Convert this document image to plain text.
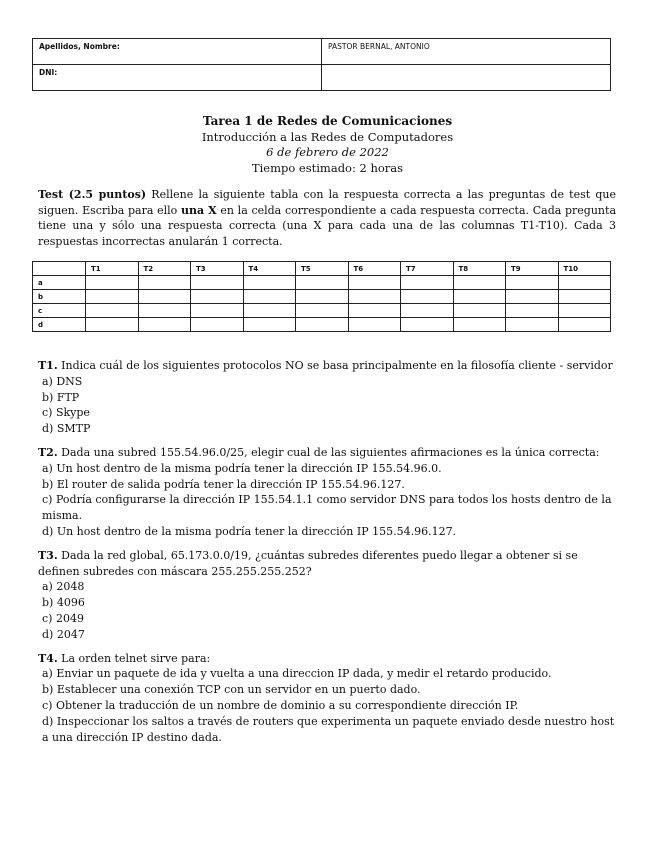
Apellidos, Nombre:	PASTOR BERNAL, ANTONIO
DNI:	
Tarea 1 de Redes de Comunicaciones
Introducción a las Redes de Computadores
6 de febrero de 2022
Tiempo estimado: 2 horas
Test (2.5 puntos) Rellene la siguiente tabla con la respuesta correcta a las preguntas de test que siguen. Escriba para ello una X en la celda correspondiente a cada respuesta correcta. Cada pregunta tiene una y sólo una respuesta correcta (una X para cada una de las columnas T1-T10). Cada 3 respuestas incorrectas anularán 1 correcta.
	T1	T2	T3	T4	T5	T6	T7	T8	T9	T10
a										
b										
c										
d										
T1. Indica cuál de los siguientes protocolos NO se basa principalmente en la filosofía cliente - servidor
a) DNS
b) FTP
c) Skype
d) SMTP
T2. Dada una subred 155.54.96.0/25, elegir cual de las siguientes afirmaciones es la única correcta:
a) Un host dentro de la misma podría tener la dirección IP 155.54.96.0.
b) El router de salida podría tener la dirección IP 155.54.96.127.
c) Podría configurarse la dirección IP 155.54.1.1 como servidor DNS para todos los hosts dentro de la misma.
d) Un host dentro de la misma podría tener la dirección IP 155.54.96.127.
T3. Dada la red global, 65.173.0.0/19, ¿cuántas subredes diferentes puedo llegar a obtener si se definen subredes con máscara 255.255.255.252?
a) 2048
b) 4096
c) 2049
d) 2047
T4. La orden telnet sirve para:
a) Enviar un paquete de ida y vuelta a una direccion IP dada, y medir el retardo producido.
b) Establecer una conexión TCP con un servidor en un puerto dado.
c) Obtener la traducción de un nombre de dominio a su correspondiente dirección IP.
d) Inspeccionar los saltos a través de routers que experimenta un paquete enviado desde nuestro host a una dirección IP destino dada.
